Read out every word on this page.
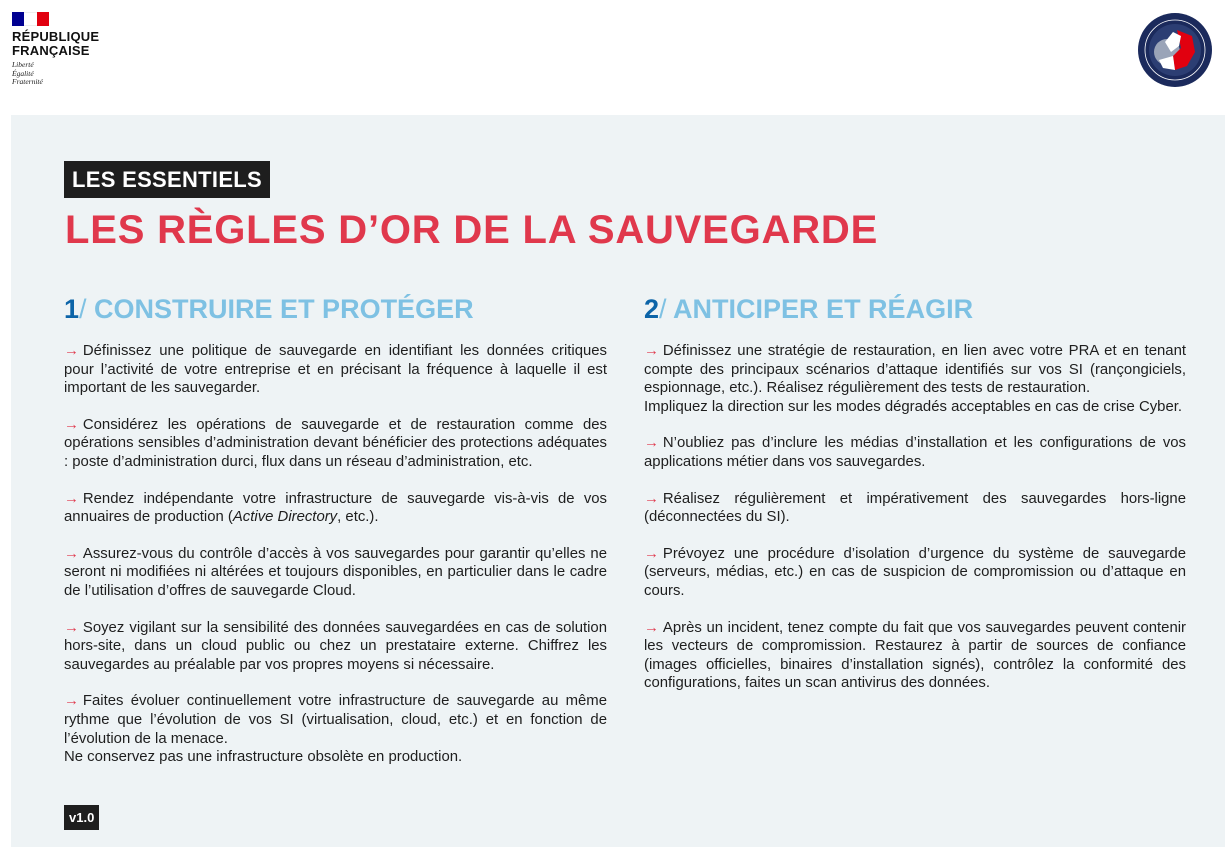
RÉPUBLIQUE
FRANÇAISE
Liberté
Égalité
Fraternité
LES ESSENTIELS
LES RÈGLES D’OR DE LA SAUVEGARDE
1/ CONSTRUIRE ET PROTÉGER

→ Définissez une politique de sauvegarde en identifiant les données critiques pour l’activité de votre entreprise et en précisant la fréquence à laquelle il est important de les sauvegarder.

→ Considérez les opérations de sauvegarde et de restauration comme des opérations sensibles d’administration devant bénéficier des protections adéquates : poste d’administration durci, flux dans un réseau d’administration, etc.

→ Rendez indépendante votre infrastructure de sauvegarde vis-à-vis de vos annuaires de production (Active Directory, etc.).

→ Assurez-vous du contrôle d’accès à vos sauvegardes pour garantir qu’elles ne seront ni modifiées ni altérées et toujours disponibles, en particulier dans le cadre de l’utilisation d’offres de sauvegarde Cloud.

→ Soyez vigilant sur la sensibilité des données sauvegardées en cas de solution hors-site, dans un cloud public ou chez un prestataire externe. Chiffrez les sauvegardes au préalable par vos propres moyens si nécessaire.

→ Faites évoluer continuellement votre infrastructure de sauvegarde au même rythme que l’évolution de vos SI (virtualisation, cloud, etc.) et en fonction de l’évolution de la menace.
Ne conservez pas une infrastructure obsolète en production.

2/ ANTICIPER ET RÉAGIR

→ Définissez une stratégie de restauration, en lien avec votre PRA et en tenant compte des principaux scénarios d’attaque identifiés sur vos SI (rançongiciels, espionnage, etc.). Réalisez régulièrement des tests de restauration.
Impliquez la direction sur les modes dégradés acceptables en cas de crise Cyber.

→ N’oubliez pas d’inclure les médias d’installation et les configurations de vos applications métier dans vos sauvegardes.

→ Réalisez régulièrement et impérativement des sauvegardes hors-ligne (déconnectées du SI).

→ Prévoyez une procédure d’isolation d’urgence du système de sauvegarde (serveurs, médias, etc.) en cas de suspicion de compromission ou d’attaque en cours.

→ Après un incident, tenez compte du fait que vos sauvegardes peuvent contenir les vecteurs de compromission. Restaurez à partir de sources de confiance (images officielles, binaires d’installation signés), contrôlez la conformité des configurations, faites un scan antivirus des données.

v1.0
